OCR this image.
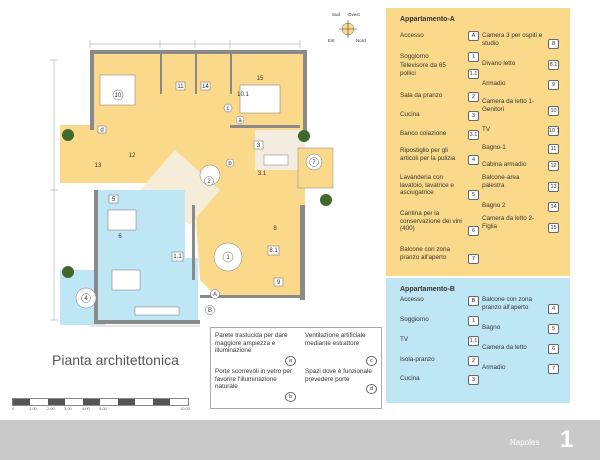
10
11	14
15
12
13
2
3
3.1
7
1
8.1
9
A
B
4
5
6
8
1.1
10.1
a
b
c
d
Sud Ovest
Est	Nord
Pianta architettonica
0	1.00	2.00 3.00	4.00 5.00	10.00
Parete traslucida per dare maggiore ampiezza e illuminazione
a
Porte scorrevoli in vetro per favorire l'illuminazione naturale
b
Ventilazione artificiale mediante estrattore
c
Spazi dove è funzionale prevedere porte
d
Appartamento-A
Accesso	A
Soggiorno	1
Televisore da 65 pollici	1.1
Sala da pranzo	2
Cucina	3
Banco colazione	3.1
Ripostiglio per gli articoli per la pulizia	4
Lavanderia con lavatoio, lavatrice e asciugatrice	5
Cantina per la conservazione dei vini (400)	6
Balcone con zona pranzo all'aperto	7
Camera 3 per ospiti e studio	8
Divano letto	8.1
Armadio	9
Camera da letto 1-Genitori	10
TV	10.1
Bagno-1	11
Cabina armadio	12
Balcone-area palestra	13
Bagno 2	14
Camera da letto 2-Figlia	15
Appartamento-B
Accesso	B
Soggiorno	1
TV	1.1
Isola-pranzo	2
Cucina	3
Balcone con zona pranzo all'aperto	4
Bagno	5
Camera da letto	6
Armadio	7
Napoles 1
